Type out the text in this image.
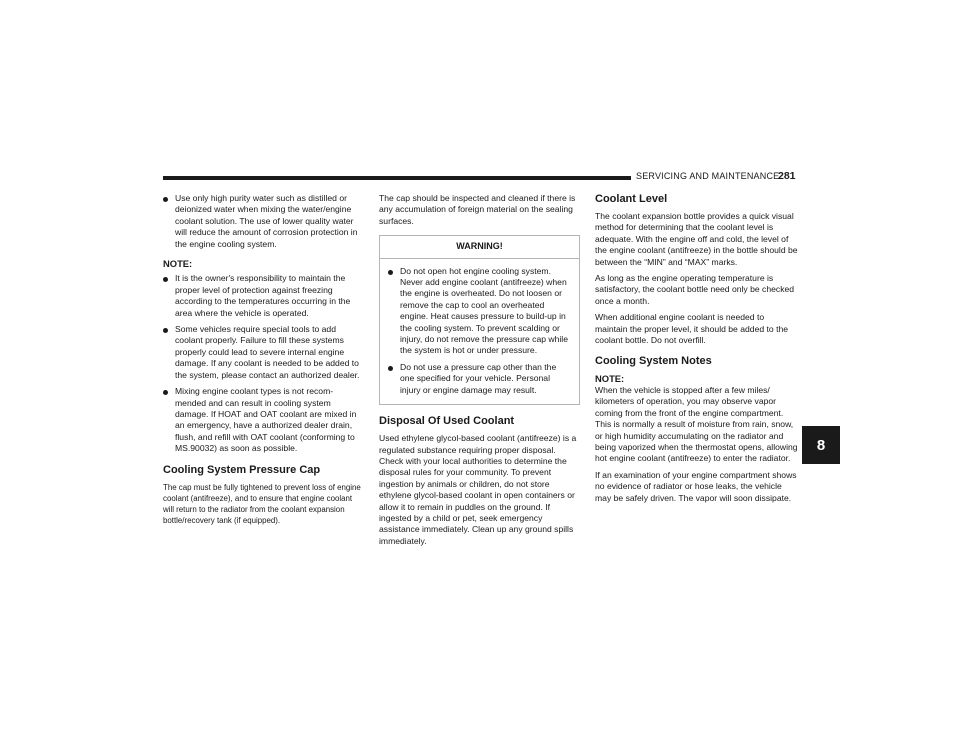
SERVICING AND MAINTENANCE
281
8
Use only high purity water such as distilled or deionized water when mixing the water/engine coolant solution. The use of lower quality water will reduce the amount of corrosion protection in the engine cooling system.
NOTE:
It is the owner's responsibility to maintain the proper level of protection against freezing according to the temperatures occurring in the area where the vehicle is operated.
Some vehicles require special tools to add coolant properly. Failure to fill these systems properly could lead to severe internal engine damage. If any coolant is needed to be added to the system, please contact an authorized dealer.
Mixing engine coolant types is not recom-mended and can result in cooling system damage. If HOAT and OAT coolant are mixed in an emergency, have a authorized dealer drain, flush, and refill with OAT coolant (conforming to MS.90032) as soon as possible.
Cooling System Pressure Cap

The cap must be fully tightened to prevent loss of engine coolant (antifreeze), and to ensure that engine coolant will return to the radiator from the coolant expansion bottle/recovery tank (if equipped).

The cap should be inspected and cleaned if there is any accumulation of foreign material on the sealing surfaces.

WARNING!
Do not open hot engine cooling system. Never add engine coolant (antifreeze) when the engine is overheated. Do not loosen or remove the cap to cool an overheated engine. Heat causes pressure to build-up in the cooling system. To prevent scalding or injury, do not remove the pressure cap while the system is hot or under pressure.
Do not use a pressure cap other than the one specified for your vehicle. Personal injury or engine damage may result.
Disposal Of Used Coolant

Used ethylene glycol-based coolant (antifreeze) is a regulated substance requiring proper disposal. Check with your local authorities to determine the disposal rules for your community. To prevent ingestion by animals or children, do not store ethylene glycol-based coolant in open containers or allow it to remain in puddles on the ground. If ingested by a child or pet, seek emergency assistance immediately. Clean up any ground spills immediately.

Coolant Level

The coolant expansion bottle provides a quick visual method for determining that the coolant level is adequate. With the engine off and cold, the level of the engine coolant (antifreeze) in the bottle should be between the “MIN” and “MAX” marks.

As long as the engine operating temperature is satisfactory, the coolant bottle need only be checked once a month.

When additional engine coolant is needed to maintain the proper level, it should be added to the coolant bottle. Do not overfill.

Cooling System Notes
NOTE:

When the vehicle is stopped after a few miles/ kilometers of operation, you may observe vapor coming from the front of the engine compartment. This is normally a result of moisture from rain, snow, or high humidity accumulating on the radiator and being vaporized when the thermostat opens, allowing hot engine coolant (antifreeze) to enter the radiator.

If an examination of your engine compartment shows no evidence of radiator or hose leaks, the vehicle may be safely driven. The vapor will soon dissipate.
